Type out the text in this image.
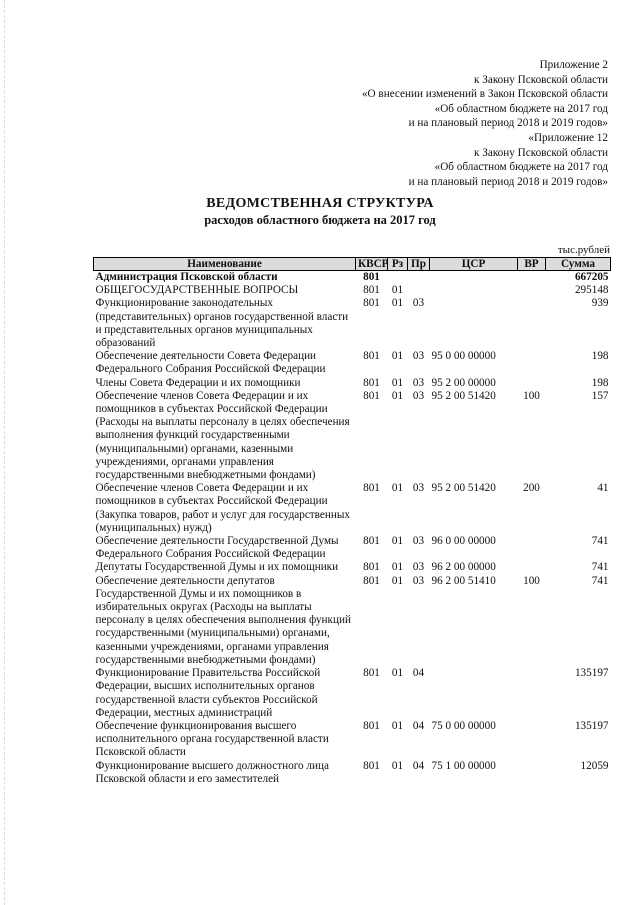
Приложение 2
к Закону Псковской области
«О внесении изменений в Закон Псковской области
«Об областном бюджете на 2017 год
и на плановый период 2018 и 2019 годов»
«Приложение 12
к Закону Псковской области
«Об областном бюджете на 2017 год
и на плановый период 2018 и 2019 годов»
ВЕДОМСТВЕННАЯ СТРУКТУРА
расходов областного бюджета на 2017 год
тыс.рублей
Наименование	КВСР	Рз	Пр	ЦСР	ВР	Сумма
Администрация Псковской области	801					667205
ОБЩЕГОСУДАРСТВЕННЫЕ ВОПРОСЫ	801	01				295148
Функционирование законодательных (представительных) органов государственной власти и представительных органов муниципальных образований	801	01	03			939
Обеспечение деятельности Совета Федерации Федерального Собрания Российской Федерации	801	01	03	95 0 00 00000		198
Члены Совета Федерации и их помощники	801	01	03	95 2 00 00000		198
Обеспечение членов Совета Федерации и их помощников в субъектах Российской Федерации (Расходы на выплаты персоналу в целях обеспечения выполнения функций государственными (муниципальными) органами, казенными учреждениями, органами управления государственными внебюджетными фондами)	801	01	03	95 2 00 51420	100	157
Обеспечение членов Совета Федерации и их помощников в субъектах Российской Федерации (Закупка товаров, работ и услуг для государственных (муниципальных) нужд)	801	01	03	95 2 00 51420	200	41
Обеспечение деятельности Государственной Думы Федерального Собрания Российской Федерации	801	01	03	96 0 00 00000		741
Депутаты Государственной Думы и их помощники	801	01	03	96 2 00 00000		741
Обеспечение деятельности депутатов Государственной Думы и их помощников в избирательных округах (Расходы на выплаты персоналу в целях обеспечения выполнения функций государственными (муниципальными) органами, казенными учреждениями, органами управления государственными внебюджетными фондами)	801	01	03	96 2 00 51410	100	741
Функционирование Правительства Российской Федерации, высших исполнительных органов государственной власти субъектов Российской Федерации, местных администраций	801	01	04			135197
Обеспечение функционирования высшего исполнительного органа государственной власти Псковской области	801	01	04	75 0 00 00000		135197
Функционирование высшего должностного лица Псковской области и его заместителей	801	01	04	75 1 00 00000		12059
